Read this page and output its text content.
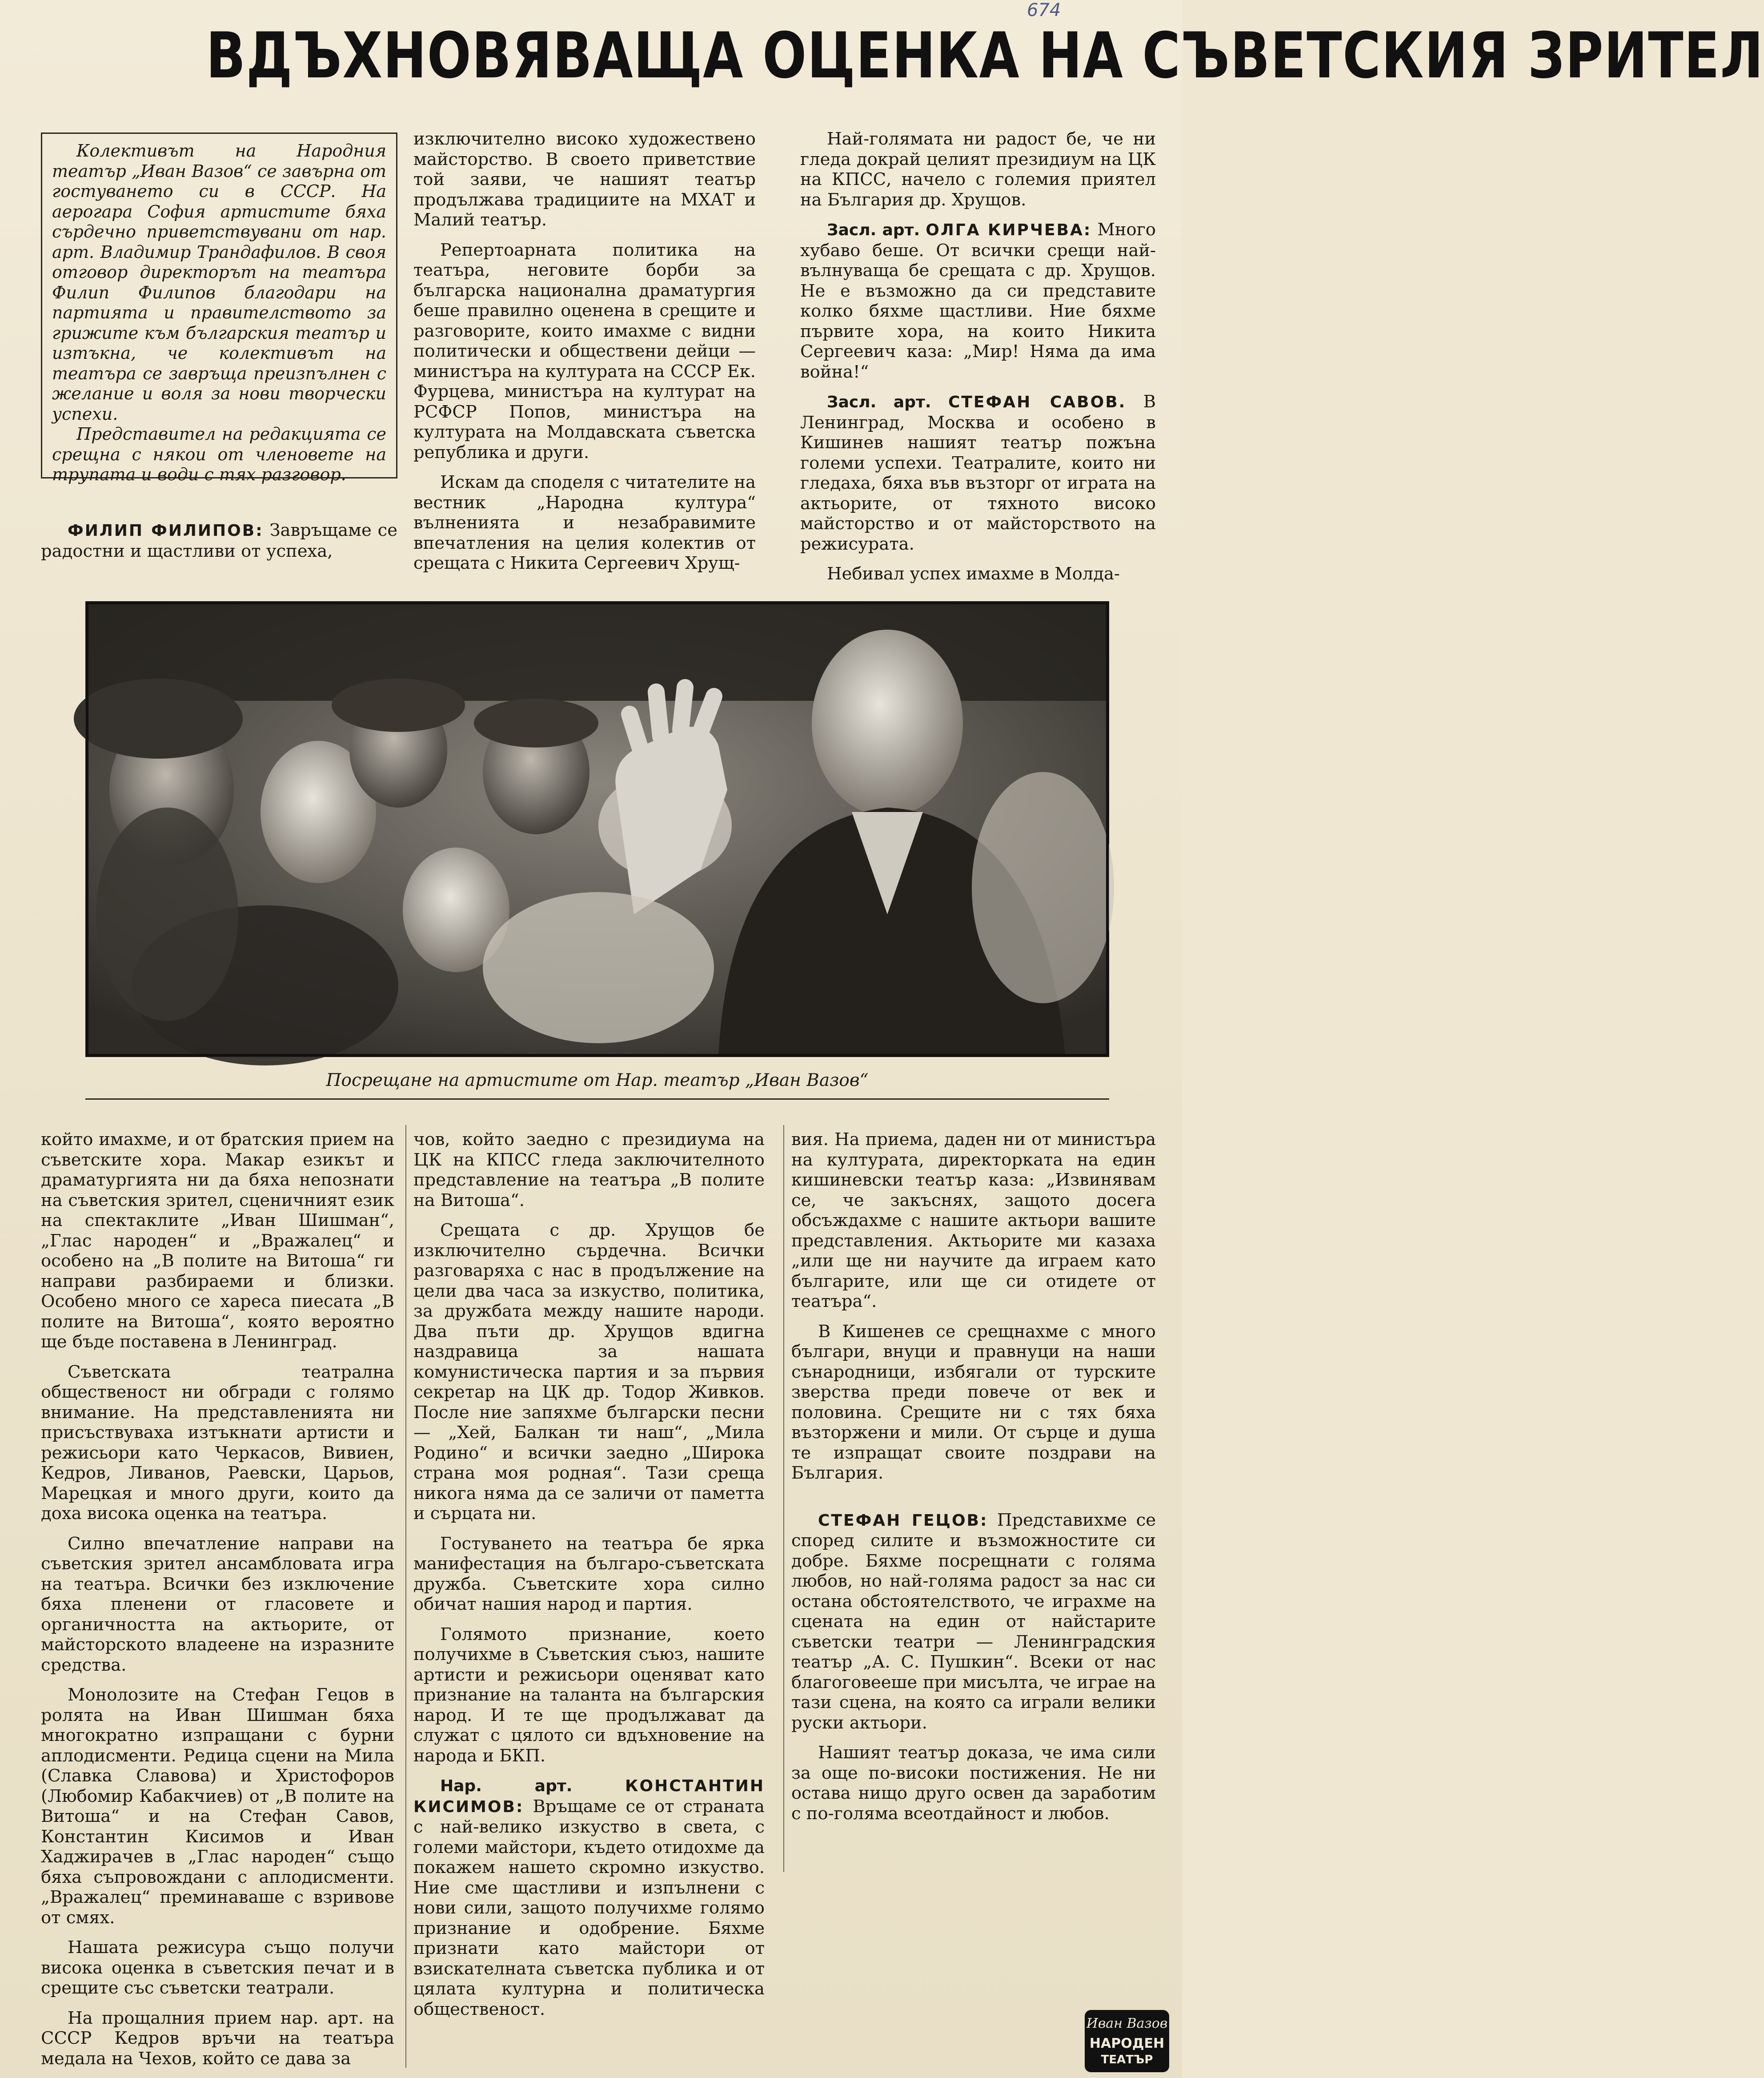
674
ВДЪХНОВЯВАЩА ОЦЕНКА НА СЪВЕТСКИЯ ЗРИТЕЛ

Колективът на Народния театър „Иван Вазов“ се завърна от гостуването си в СССР. На аерогара София артистите бяха сърдечно приветствувани от нар. арт. Владимир Трандафилов. В своя отговор директорът на театъра Филип Филипов благодари на партията и правителството за грижите към българския театър и изтъкна, че колективът на театъра се завръща преизпълнен с желание и воля за нови творчески успехи.

Представител на редакцията се срещна с някои от членовете на трупата и води с тях разговор.

ФИЛИП ФИЛИПОВ: Завръщаме се радостни и щастливи от успеха,

изключително високо художествено майсторство. В своето приветствие той заяви, че нашият театър продължава традициите на МХАТ и Малий театър.

Репертоарната политика на театъра, неговите борби за българска национална драматургия беше правилно оценена в срещите и разговорите, които имахме с видни политически и обществени дейци — министъра на културата на СССР Ек. Фурцева, министъра на културат на РСФСР Попов, министъра на културата на Молдавската съветска република и други.

Искам да споделя с читателите на вестник „Народна култура“ вълненията и незабравимите впечатления на целия колектив от срещата с Никита Сергеевич Хрущ-

Най-голямата ни радост бе, че ни гледа докрай целият президиум на ЦК на КПСС, начело с големия приятел на България др. Хрущов.

Засл. арт. ОЛГА КИРЧЕВА: Много хубаво беше. От всички срещи най-вълнуваща бе срещата с др. Хрущов. Не е възможно да си представите колко бяхме щастливи. Ние бяхме първите хора, на които Никита Сергеевич каза: „Мир! Няма да има война!“

Засл. арт. СТЕФАН САВОВ. В Ленинград, Москва и особено в Кишинев нашият театър пожъна големи успехи. Театралите, които ни гледаха, бяха във възторг от играта на актьорите, от тяхното високо майсторство и от майсторството на режисурата.

Небивал успех имахме в Молда-

Посрещане на артистите от Нар. театър „Иван Вазов“

който имахме, и от братския прием на съветските хора. Макар езикът и драматургията ни да бяха непознати на съветския зрител, сценичният език на спектаклите „Иван Шишман“, „Глас народен“ и „Вражалец“ и особено на „В полите на Витоша“ ги направи разбираеми и близки. Особено много се хареса пиесата „В полите на Витоша“, която вероятно ще бъде поставена в Ленинград.

Съветската театрална общественост ни обгради с голямо внимание. На представленията ни присъствуваха изтъкнати артисти и режисьори като Черкасов, Вивиен, Кедров, Ливанов, Раевски, Царьов, Марецкая и много други, които да доха висока оценка на театъра.

Силно впечатление направи на съветския зрител ансамбловата игра на театъра. Всички без изключение бяха пленени от гласовете и органичността на актьорите, от майсторското владеене на изразните средства.

Монолозите на Стефан Гецов в ролята на Иван Шишман бяха многократно изпращани с бурни аплодисменти. Редица сцени на Мила (Славка Славова) и Христофоров (Любомир Кабакчиев) от „В полите на Витоша“ и на Стефан Савов, Константин Кисимов и Иван Хаджирачев в „Глас народен“ също бяха съпровождани с аплодисменти. „Вражалец“ преминаваше с взривове от смях.

Нашата режисура също получи висока оценка в съветския печат и в срещите със съветски театрали.

На прощалния прием нар. арт. на СССР Кедров връчи на театъра медала на Чехов, който се дава за

чов, който заедно с президиума на ЦК на КПСС гледа заключителното представление на театъра „В полите на Витоша“.

Срещата с др. Хрущов бе изключително сърдечна. Всички разговаряха с нас в продължение на цели два часа за изкуство, политика, за дружбата между нашите народи. Два пъти др. Хрущов вдигна наздравица за нашата комунистическа партия и за първия секретар на ЦК др. Тодор Живков. После ние запяхме български песни — „Хей, Балкан ти наш“, „Мила Родино“ и всички заедно „Широка страна моя родная“. Тази среща никога няма да се заличи от паметта и сърцата ни.

Гостуването на театъра бе ярка манифестация на българо-съветската дружба. Съветските хора силно обичат нашия народ и партия.

Голямото признание, което получихме в Съветския съюз, нашите артисти и режисьори оценяват като признание на таланта на българския народ. И те ще продължават да служат с цялото си вдъхновение на народа и БКП.

Нар. арт.	КОНСТАНТИН КИСИМОВ: Връщаме се от страната с най-велико изкуство в света, с големи майстори, където отидохме да покажем нашето скромно изкуство. Ние сме щастливи и изпълнени с нови сили, защото получихме голямо признание и одобрение. Бяхме признати като майстори от взискателната съветска публика и от цялата културна и политическа общественост.

вия. На приема, даден ни от министъра на културата, директорката на един кишиневски театър каза: „Извинявам се, че закъснях, защото досега обсъждахме с нашите актьори вашите представления. Актьорите ми казаха „или ще ни научите да играем като българите, или ще си отидете от театъра“.

В Кишенев се срещнахме с много българи, внуци и правнуци на наши сънародници, избягали от турските зверства преди повече от век и половина. Срещите ни с тях бяха възторжени и мили. От сърце и душа те изпращат своите поздрави на България.

СТЕФАН ГЕЦОВ: Представихме се според силите и възможностите си добре. Бяхме посрещнати с голяма любов, но най-голяма радост за нас си остана обстоятелството, че играхме на сцената на един от найстарите съветски театри — Ленинградския театър „А. С. Пушкин“. Всеки от нас благоговееше при мисълта, че играе на тази сцена, на която са играли велики руски актьори.

Нашият театър доказа, че има сили за още по-високи постижения. Не ни остава нищо друго освен да заработим с по-голяма всеотдайност и любов.

Иван Вазов
НАРОДЕН
ТЕАТЪР
